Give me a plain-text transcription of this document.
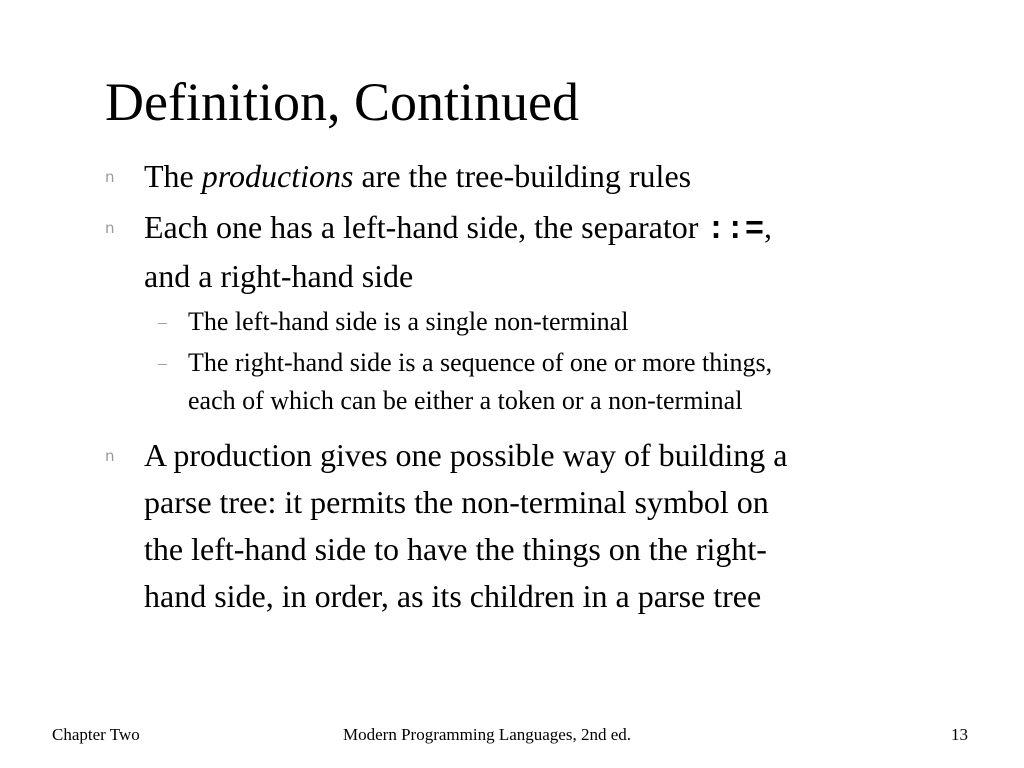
Definition, Continued
n The productions are the tree-building rules
n Each one has a left-hand side, the separator ::=,
and a right-hand side
– The left-hand side is a single non-terminal
– The right-hand side is a sequence of one or more things,
each of which can be either a token or a non-terminal
n A production gives one possible way of building a
parse tree: it permits the non-terminal symbol on
the left-hand side to have the things on the right-
hand side, in order, as its children in a parse tree
Chapter Two	Modern Programming Languages, 2nd ed.	13
